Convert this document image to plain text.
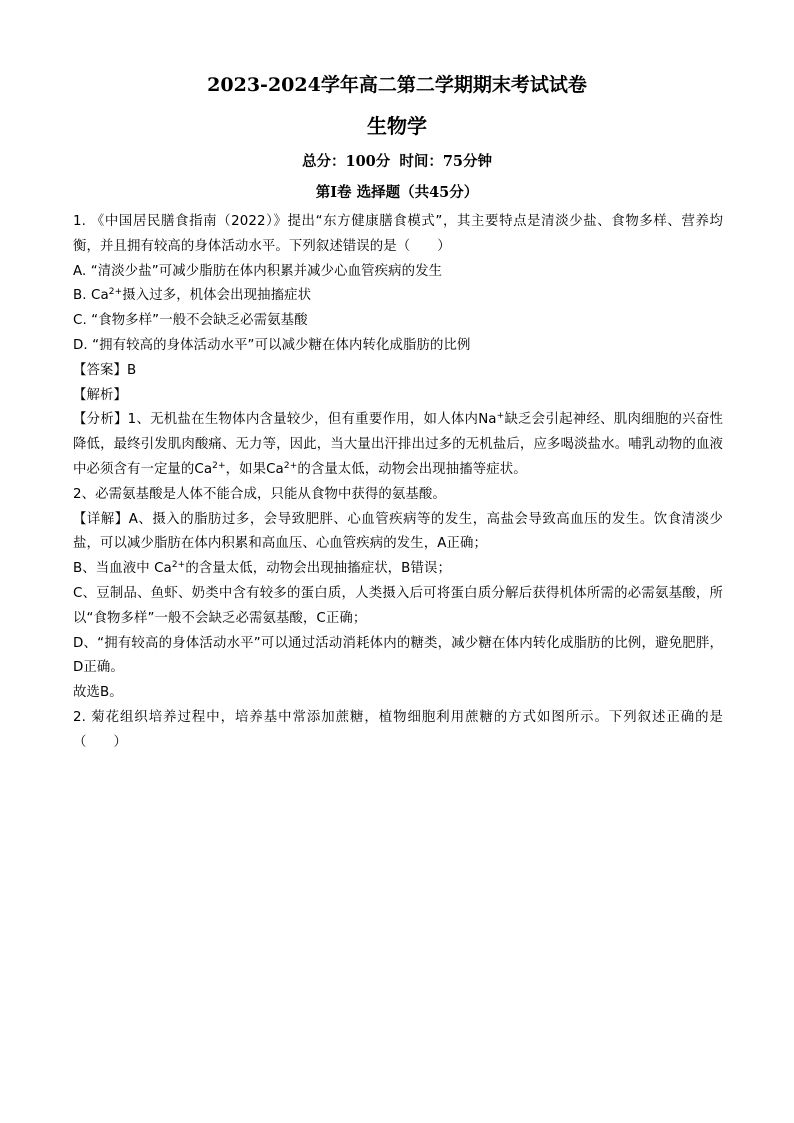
2023-2024学年高二第二学期期末考试试卷
生物学
总分：100分 时间：75分钟
第Ⅰ卷 选择题（共45分）

1. 《中国居民膳食指南（2022）》提出“东方健康膳食模式”，其主要特点是清淡少盐、食物多样、营养均衡，并且拥有较高的身体活动水平。下列叙述错误的是（　　）

A. “清淡少盐”可减少脂肪在体内积累并减少心血管疾病的发生

B. $Ca^{2+}$摄入过多，机体会出现抽搐症状

C. “食物多样”一般不会缺乏必需氨基酸

D. “拥有较高的身体活动水平”可以减少糖在体内转化成脂肪的比例

【答案】B

【解析】

【分析】1、无机盐在生物体内含量较少，但有重要作用，如人体内Na+缺乏会引起神经、肌肉细胞的兴奋性降低，最终引发肌肉酸痛、无力等，因此，当大量出汗排出过多的无机盐后，应多喝淡盐水。哺乳动物的血液中必须含有一定量的$Ca^{2+}$，如果$Ca^{2+}$的含量太低，动物会出现抽搐等症状。

2、必需氨基酸是人体不能合成，只能从食物中获得的氨基酸。

【详解】A、摄入的脂肪过多，会导致肥胖、心血管疾病等的发生，高盐会导致高血压的发生。饮食清淡少盐，可以减少脂肪在体内积累和高血压、心血管疾病的发生，A正确；

B、当血液中 $Ca^{2+}$的含量太低，动物会出现抽搐症状，B错误；

C、豆制品、鱼虾、奶类中含有较多的蛋白质，人类摄入后可将蛋白质分解后获得机体所需的必需氨基酸，所以“食物多样”一般不会缺乏必需氨基酸，C正确；

D、“拥有较高的身体活动水平”可以通过活动消耗体内的糖类，减少糖在体内转化成脂肪的比例，避免肥胖，D正确。

故选B。

2. 菊花组织培养过程中，培养基中常添加蔗糖，植物细胞利用蔗糖的方式如图所示。下列叙述正确的是（　　）
